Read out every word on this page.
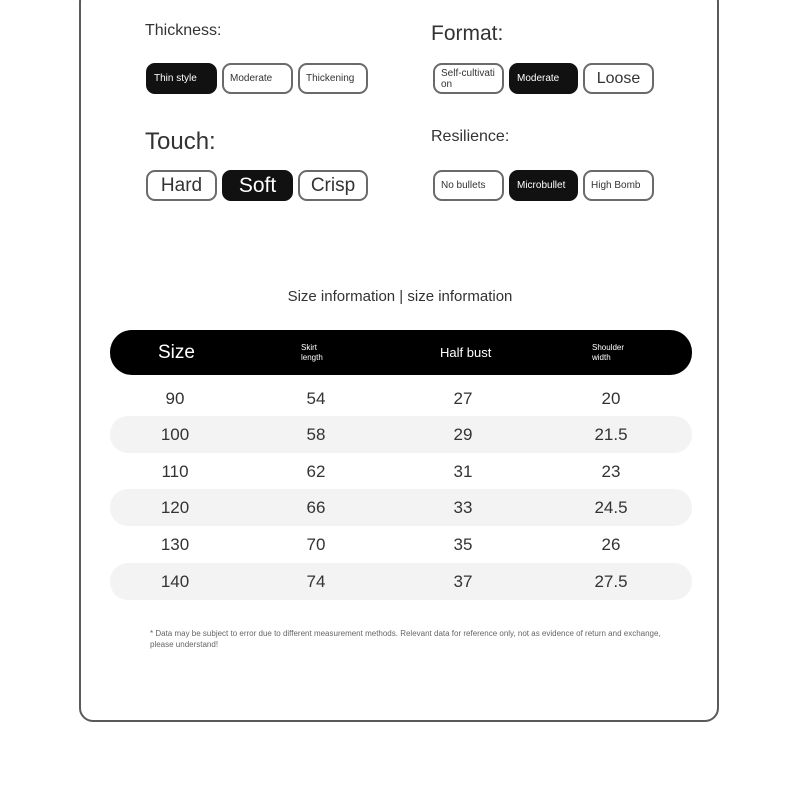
Thickness:
Thin style	Moderate	Thickening
Format:
Self-cultivation	Moderate	Loose
Touch:
Hard	Soft	Crisp
Resilience:
No bullets	Microbullet	High Bomb
Size information | size information
Size	Skirt length	Half bust	Shoulder width
90	54	27	20
100	58	29	21.5
110	62	31	23
120	66	33	24.5
130	70	35	26
140	74	37	27.5
* Data may be subject to error due to different measurement methods. Relevant data for reference only, not as evidence of return and exchange, please understand!
